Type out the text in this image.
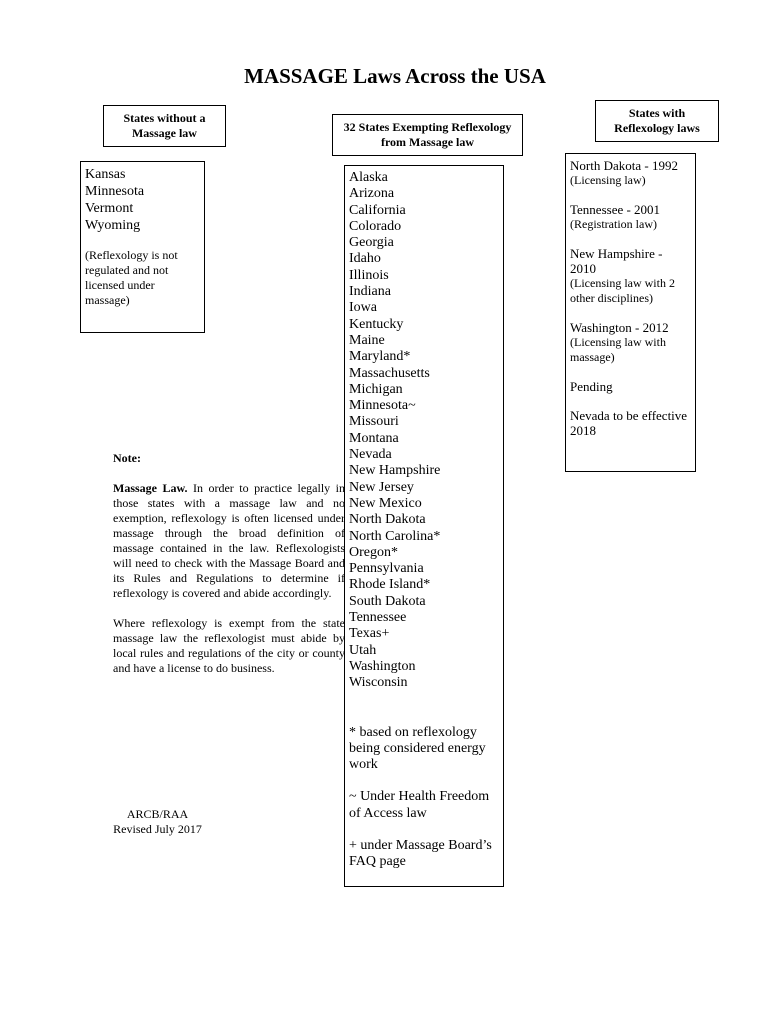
MASSAGE Laws Across the USA
States without a
Massage law	32 States Exempting Reflexology
from Massage law
States with
Reflexology laws
Kansas
Minnesota
Vermont
Wyoming
(Reflexology is not regulated and not licensed under massage)
Alaska
Arizona
California
Colorado
Georgia
Idaho
Illinois
Indiana
Iowa
Kentucky
Maine
Maryland*
Massachusetts
Michigan
Minnesota~
Missouri
Montana
Nevada
New Hampshire
New Jersey
New Mexico
North Dakota
North Carolina*
Oregon*
Pennsylvania
Rhode Island*
South Dakota
Tennessee
Texas+
Utah
Washington
Wisconsin
* based on reflexology being considered energy work
~ Under Health Freedom of Access law
+ under Massage Board’s FAQ page
North Dakota - 1992
(Licensing law)
Tennessee - 2001
(Registration law)
New Hampshire - 2010
(Licensing law with 2 other disciplines)
Washington - 2012
(Licensing law with massage)
Pending
Nevada to be effective 2018
Note:
Massage Law. In order to practice legally in those states with a massage law and no exemption, reflexology is often licensed under massage through the broad definition of massage contained in the law. Reflexologists will need to check with the Massage Board and its Rules and Regulations to determine if reflexology is covered and abide accordingly.
Where reflexology is exempt from the state massage law the reflexologist must abide by local rules and regulations of the city or county and have a license to do business.
ARCB/RAA
Revised July 2017
